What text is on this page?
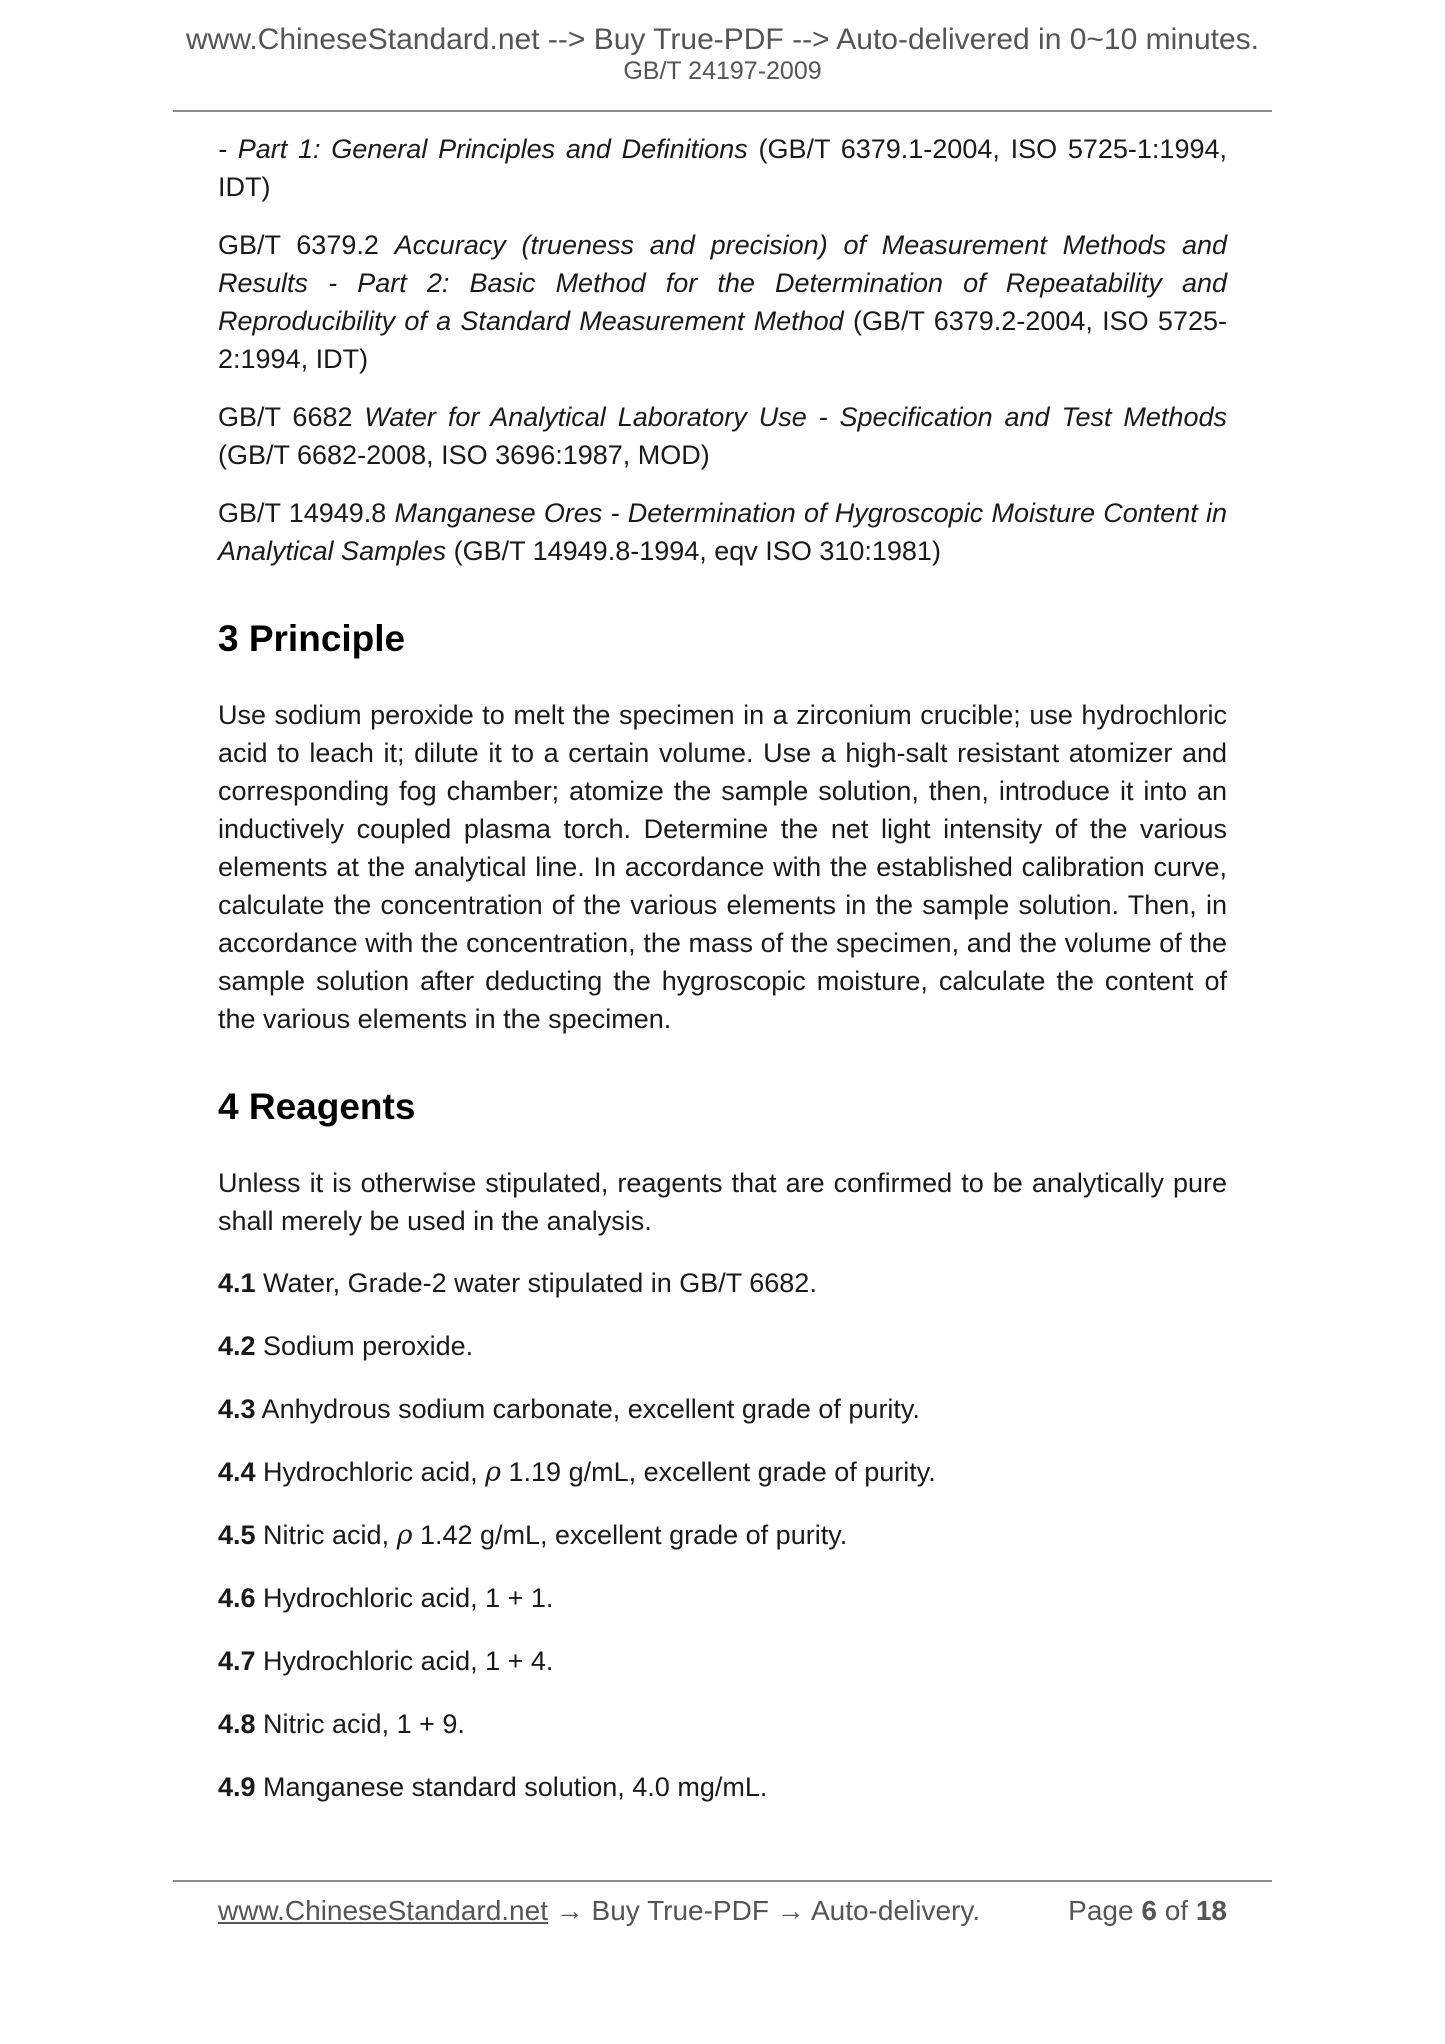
www.ChineseStandard.net --> Buy True-PDF --> Auto-delivered in 0~10 minutes.
GB/T 24197-2009

- Part 1: General Principles and Definitions (GB/T 6379.1-2004, ISO 5725-1:1994, IDT)

GB/T 6379.2 Accuracy (trueness and precision) of Measurement Methods and Results - Part 2: Basic Method for the Determination of Repeatability and Reproducibility of a Standard Measurement Method (GB/T 6379.2-2004, ISO 5725-2:1994, IDT)

GB/T 6682 Water for Analytical Laboratory Use - Specification and Test Methods (GB/T 6682-2008, ISO 3696:1987, MOD)

GB/T 14949.8 Manganese Ores - Determination of Hygroscopic Moisture Content in Analytical Samples (GB/T 14949.8-1994, eqv ISO 310:1981)

3 Principle

Use sodium peroxide to melt the specimen in a zirconium crucible; use hydrochloric acid to leach it; dilute it to a certain volume. Use a high-salt resistant atomizer and corresponding fog chamber; atomize the sample solution, then, introduce it into an inductively coupled plasma torch. Determine the net light intensity of the various elements at the analytical line. In accordance with the established calibration curve, calculate the concentration of the various elements in the sample solution. Then, in accordance with the concentration, the mass of the specimen, and the volume of the sample solution after deducting the hygroscopic moisture, calculate the content of the various elements in the specimen.

4 Reagents

Unless it is otherwise stipulated, reagents that are confirmed to be analytically pure shall merely be used in the analysis.

4.1 Water, Grade-2 water stipulated in GB/T 6682.

4.2 Sodium peroxide.

4.3 Anhydrous sodium carbonate, excellent grade of purity.

4.4 Hydrochloric acid, ρ 1.19 g/mL, excellent grade of purity.

4.5 Nitric acid, ρ 1.42 g/mL, excellent grade of purity.

4.6 Hydrochloric acid, 1 + 1.

4.7 Hydrochloric acid, 1 + 4.

4.8 Nitric acid, 1 + 9.

4.9 Manganese standard solution, 4.0 mg/mL.

www.ChineseStandard.net → Buy True-PDF → Auto-delivery.	Page 6 of 18
